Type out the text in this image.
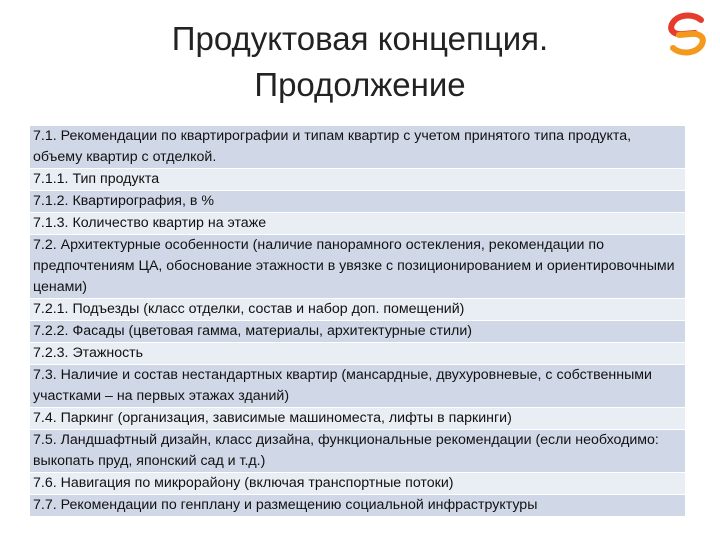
Продуктовая концепция.
Продолжение
7.1. Рекомендации по квартирографии и типам квартир с учетом принятого типа продукта, объему квартир с отделкой.
7.1.1. Тип продукта
7.1.2. Квартирография, в %
7.1.3. Количество квартир на этаже
7.2. Архитектурные особенности (наличие панорамного остекления, рекомендации по предпочтениям ЦА, обоснование этажности в увязке с позиционированием и ориентировочными ценами)
7.2.1. Подъезды (класс отделки, состав и набор доп. помещений)
7.2.2. Фасады (цветовая гамма, материалы, архитектурные стили)
7.2.3. Этажность
7.3. Наличие и состав нестандартных квартир (мансардные, двухуровневые, с собственными участками – на первых этажах зданий)
7.4. Паркинг (организация, зависимые машиноместа, лифты в паркинги)
7.5. Ландшафтный дизайн, класс дизайна, функциональные рекомендации (если необходимо: выкопать пруд, японский сад и т.д.)
7.6. Навигация по микрорайону (включая транспортные потоки)
7.7. Рекомендации по генплану и размещению социальной инфраструктуры
